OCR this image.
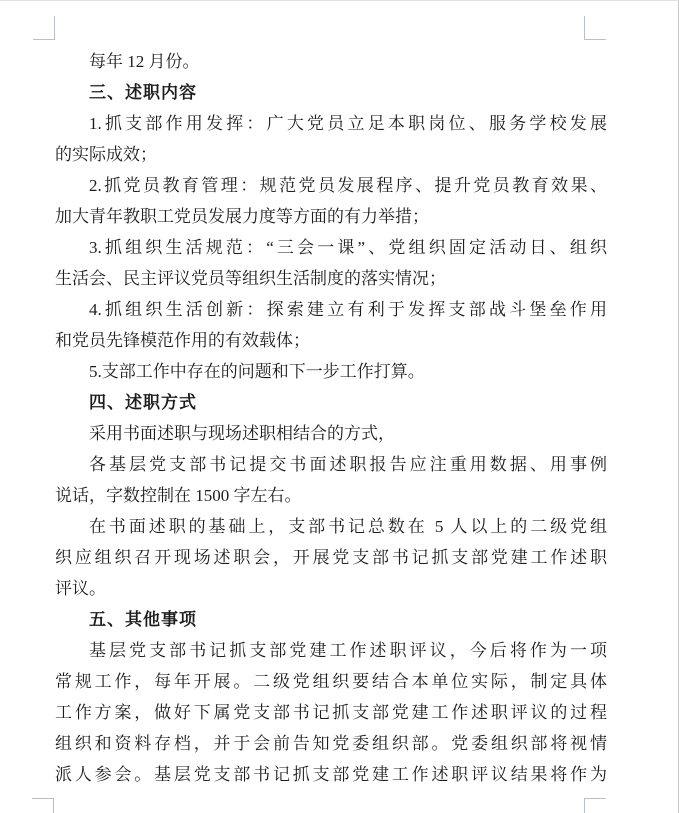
每年 12 月份。
三、述职内容
1.抓支部作用发挥：广大党员立足本职岗位、服务学校发展
的实际成效；
2.抓党员教育管理：规范党员发展程序、提升党员教育效果、
加大青年教职工党员发展力度等方面的有力举措；
3.抓组织生活规范：“三会一课”、党组织固定活动日、组织
生活会、民主评议党员等组织生活制度的落实情况；
4.抓组织生活创新：探索建立有利于发挥支部战斗堡垒作用
和党员先锋模范作用的有效载体；
5.支部工作中存在的问题和下一步工作打算。
四、述职方式
采用书面述职与现场述职相结合的方式，
各基层党支部书记提交书面述职报告应注重用数据、用事例
说话，字数控制在 1500 字左右。
在书面述职的基础上，支部书记总数在 5 人以上的二级党组
织应组织召开现场述职会，开展党支部书记抓支部党建工作述职
评议。
五、其他事项
基层党支部书记抓支部党建工作述职评议，今后将作为一项
常规工作，每年开展。二级党组织要结合本单位实际，制定具体
工作方案，做好下属党支部书记抓支部党建工作述职评议的过程
组织和资料存档，并于会前告知党委组织部。党委组织部将视情
派人参会。基层党支部书记抓支部党建工作述职评议结果将作为
